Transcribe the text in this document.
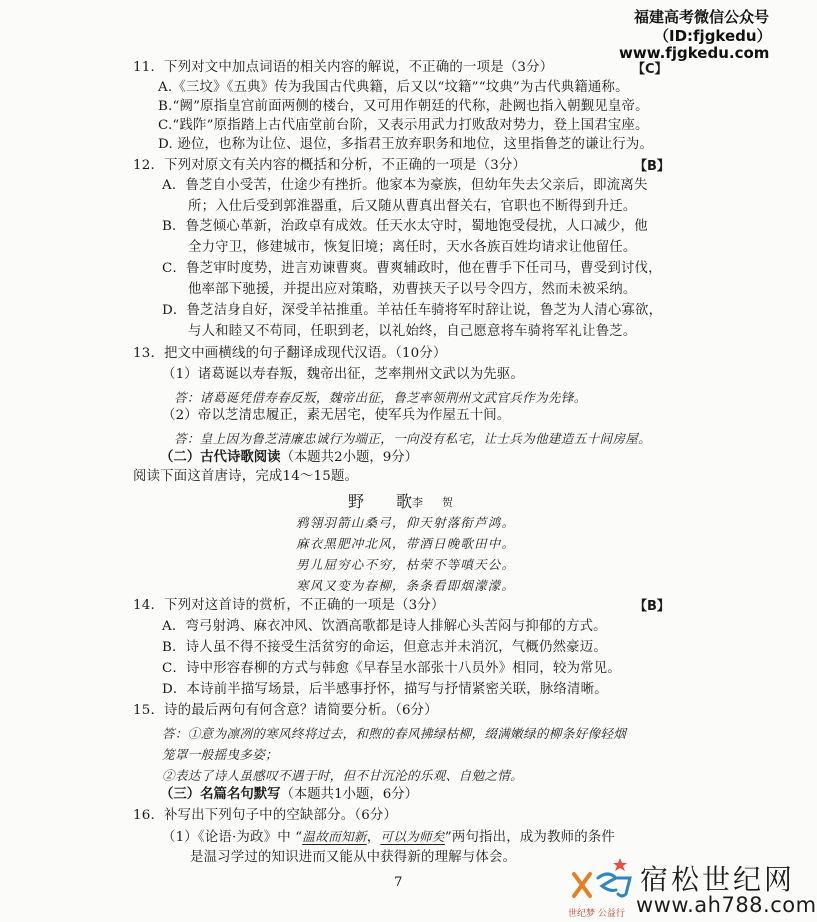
福建高考微信公众号
（ID:fjgkedu）
www.fjgkedu.com
11．下列对文中加点词语的相关内容的解说，不正确的一项是（3分）	【C】
A.《三坟》《五典》传为我国古代典籍，后又以“坟籍”“坟典”为古代典籍通称。
B.“阙”原指皇宫前面两侧的楼台，又可用作朝廷的代称，赴阙也指入朝觐见皇帝。
C.“践阼”原指踏上古代庙堂前台阶，又表示用武力打败敌对势力，登上国君宝座。
D. 逊位，也称为让位、退位，多指君王放弃职务和地位，这里指鲁芝的谦让行为。
12．下列对原文有关内容的概括和分析，不正确的一项是（3分）	【B】
A．鲁芝自小受苦，仕途少有挫折。他家本为豪族，但幼年失去父亲后，即流离失
所；入仕后受到郭淮器重，后又随从曹真出督关右，官职也不断得到升迁。
B．鲁芝倾心革新，治政卓有成效。任天水太守时，蜀地饱受侵扰，人口减少，他
全力守卫，修建城市，恢复旧境；离任时，天水各族百姓均请求让他留任。
C．鲁芝审时度势，进言劝谏曹爽。曹爽辅政时，他在曹手下任司马，曹受到讨伐，
他率部下驰援，并提出应对策略，劝曹挟天子以号令四方，然而未被采纳。
D．鲁芝洁身自好，深受羊祜推重。羊祜任车骑将军时辞让说，鲁芝为人清心寡欲，
与人和睦又不苟同，任职到老，以礼始终，自己愿意将车骑将军礼让鲁芝。
13．把文中画横线的句子翻译成现代汉语。（10分）
（1）诸葛诞以寿春叛，魏帝出征，芝率荆州文武以为先驱。
答：诸葛诞凭借寿春反叛，魏帝出征，鲁芝率领荆州文武官兵作为先锋。
（2）帝以芝清忠履正，素无居宅，使军兵为作屋五十间。
答：皇上因为鲁芝清廉忠诚行为端正，一向没有私宅，让士兵为他建造五十间房屋。
（二）古代诗歌阅读（本题共2小题，9分）
阅读下面这首唐诗，完成14～15题。
野　歌
李　贺
鸦翎羽箭山桑弓，仰天射落衔芦鸿。
麻衣黑肥冲北风，带酒日晚歌田中。
男儿屈穷心不穷，枯荣不等嗔天公。
寒风又变为春柳，条条看即烟濛濛。
14．下列对这首诗的赏析，不正确的一项是（3分）	【B】
A．弯弓射鸿、麻衣冲风、饮酒高歌都是诗人排解心头苦闷与抑郁的方式。
B．诗人虽不得不接受生活贫穷的命运，但意志并未消沉，气概仍然豪迈。
C．诗中形容春柳的方式与韩愈《早春呈水部张十八员外》相同，较为常见。
D．本诗前半描写场景，后半感事抒怀，描写与抒情紧密关联，脉络清晰。
15．诗的最后两句有何含意？请简要分析。（6分）
答：①意为凛冽的寒风终将过去，和煦的春风拂绿枯柳，缀满嫩绿的柳条好像轻烟
笼罩一般摇曳多姿；
②表达了诗人虽感叹不遇于时，但不甘沉沦的乐观、自勉之情。
（三）名篇名句默写（本题共1小题，6分）
16．补写出下列句子中的空缺部分。（6分）
（1）《论语·为政》中 “温故而知新，可以为师矣”两句指出，成为教师的条件
是温习学过的知识进而又能从中获得新的理解与体会。
7
世纪梦 公益行
宿松世纪网
www.ah788.com
